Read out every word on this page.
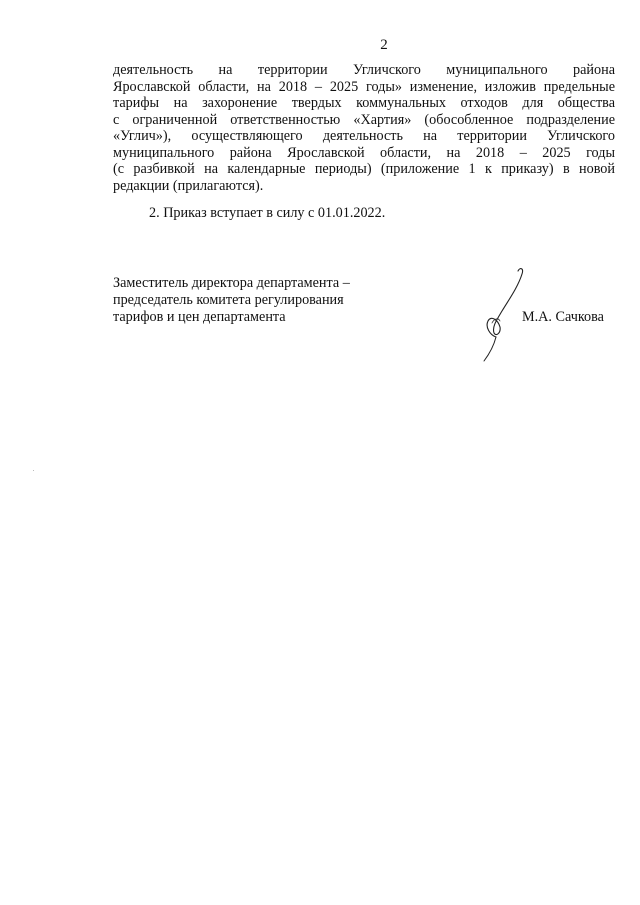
2

деятельность на территории Угличского муниципального района

Ярославской области, на 2018 – 2025 годы» изменение, изложив предельные

тарифы на захоронение твердых коммунальных отходов для общества

с ограниченной ответственностью «Хартия» (обособленное подразделение

«Углич»), осуществляющего деятельность на территории Угличского

муниципального района Ярославской области, на 2018 – 2025 годы

(с разбивкой на календарные периоды) (приложение 1 к приказу) в новой

редакции (прилагаются).

2. Приказ вступает в силу с 01.01.2022.
Заместитель директора департамента –
председатель комитета регулирования
тарифов и цен департамента	М.А. Сачкова
